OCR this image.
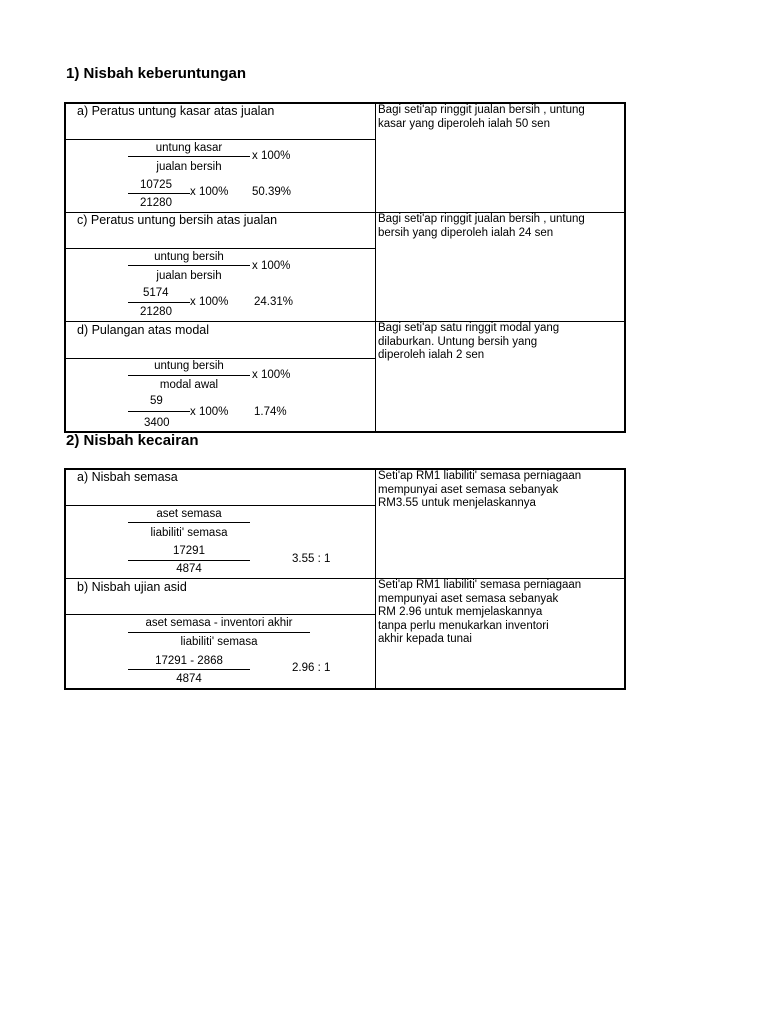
1) Nisbah keberuntungan
a) Peratus untung kasar atas jualan
untung kasar
x 100%
jualan bersih
10725
x 100% 50.39%
21280
Bagi seti'ap ringgit jualan bersih , untung
kasar yang diperoleh ialah 50 sen
c) Peratus untung bersih atas jualan
untung bersih
x 100%
jualan bersih
5174
x 100% 24.31%
21280
Bagi seti'ap ringgit jualan bersih , untung
bersih yang diperoleh ialah 24 sen
d) Pulangan atas modal
untung bersih
x 100%
modal awal
59
x 100% 1.74%
3400
Bagi seti'ap satu ringgit modal yang
dilaburkan. Untung bersih yang
diperoleh ialah 2 sen
2) Nisbah kecairan
a) Nisbah semasa
aset semasa
liabiliti' semasa
17291
3.55 : 1
4874
Seti'ap RM1 liabiliti' semasa perniagaan
mempunyai aset semasa sebanyak
RM3.55 untuk menjelaskannya
b) Nisbah ujian asid
aset semasa - inventori akhir
liabiliti' semasa
17291 - 2868
2.96 : 1
4874
Seti'ap RM1 liabiliti' semasa perniagaan
mempunyai aset semasa sebanyak
RM 2.96 untuk memjelaskannya
tanpa perlu menukarkan inventori
akhir kepada tunai
